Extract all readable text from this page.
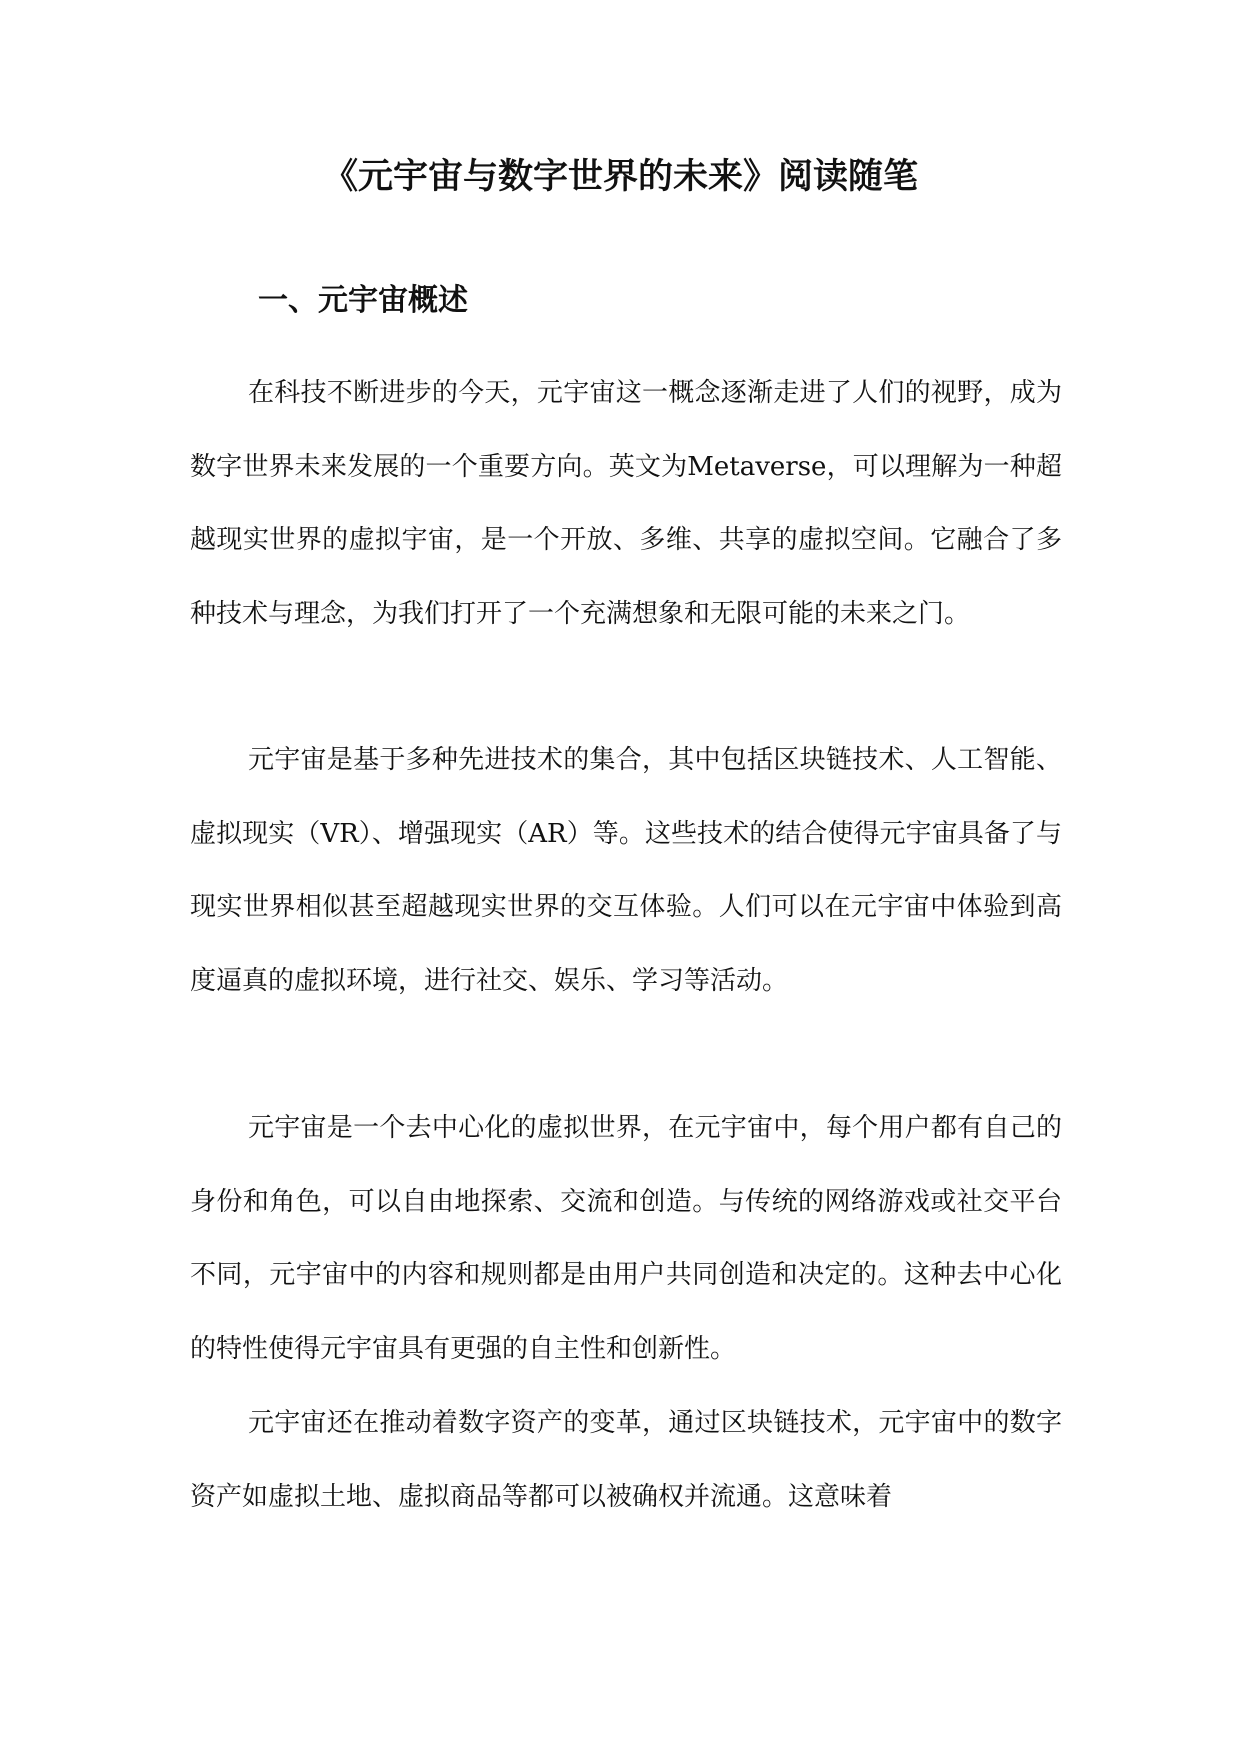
《元宇宙与数字世界的未来》阅读随笔
一、元宇宙概述

在科技不断进步的今天，元宇宙这一概念逐渐走进了人们的视野，成为数字世界未来发展的一个重要方向。英文为Metaverse，可以理解为一种超越现实世界的虚拟宇宙，是一个开放、多维、共享的虚拟空间。它融合了多种技术与理念，为我们打开了一个充满想象和无限可能的未来之门。

元宇宙是基于多种先进技术的集合，其中包括区块链技术、人工智能、虚拟现实（VR）、增强现实（AR）等。这些技术的结合使得元宇宙具备了与现实世界相似甚至超越现实世界的交互体验。人们可以在元宇宙中体验到高度逼真的虚拟环境，进行社交、娱乐、学习等活动。

元宇宙是一个去中心化的虚拟世界，在元宇宙中，每个用户都有自己的身份和角色，可以自由地探索、交流和创造。与传统的网络游戏或社交平台不同，元宇宙中的内容和规则都是由用户共同创造和决定的。这种去中心化的特性使得元宇宙具有更强的自主性和创新性。

元宇宙还在推动着数字资产的变革，通过区块链技术，元宇宙中的数字资产如虚拟土地、虚拟商品等都可以被确权并流通。这意味着
